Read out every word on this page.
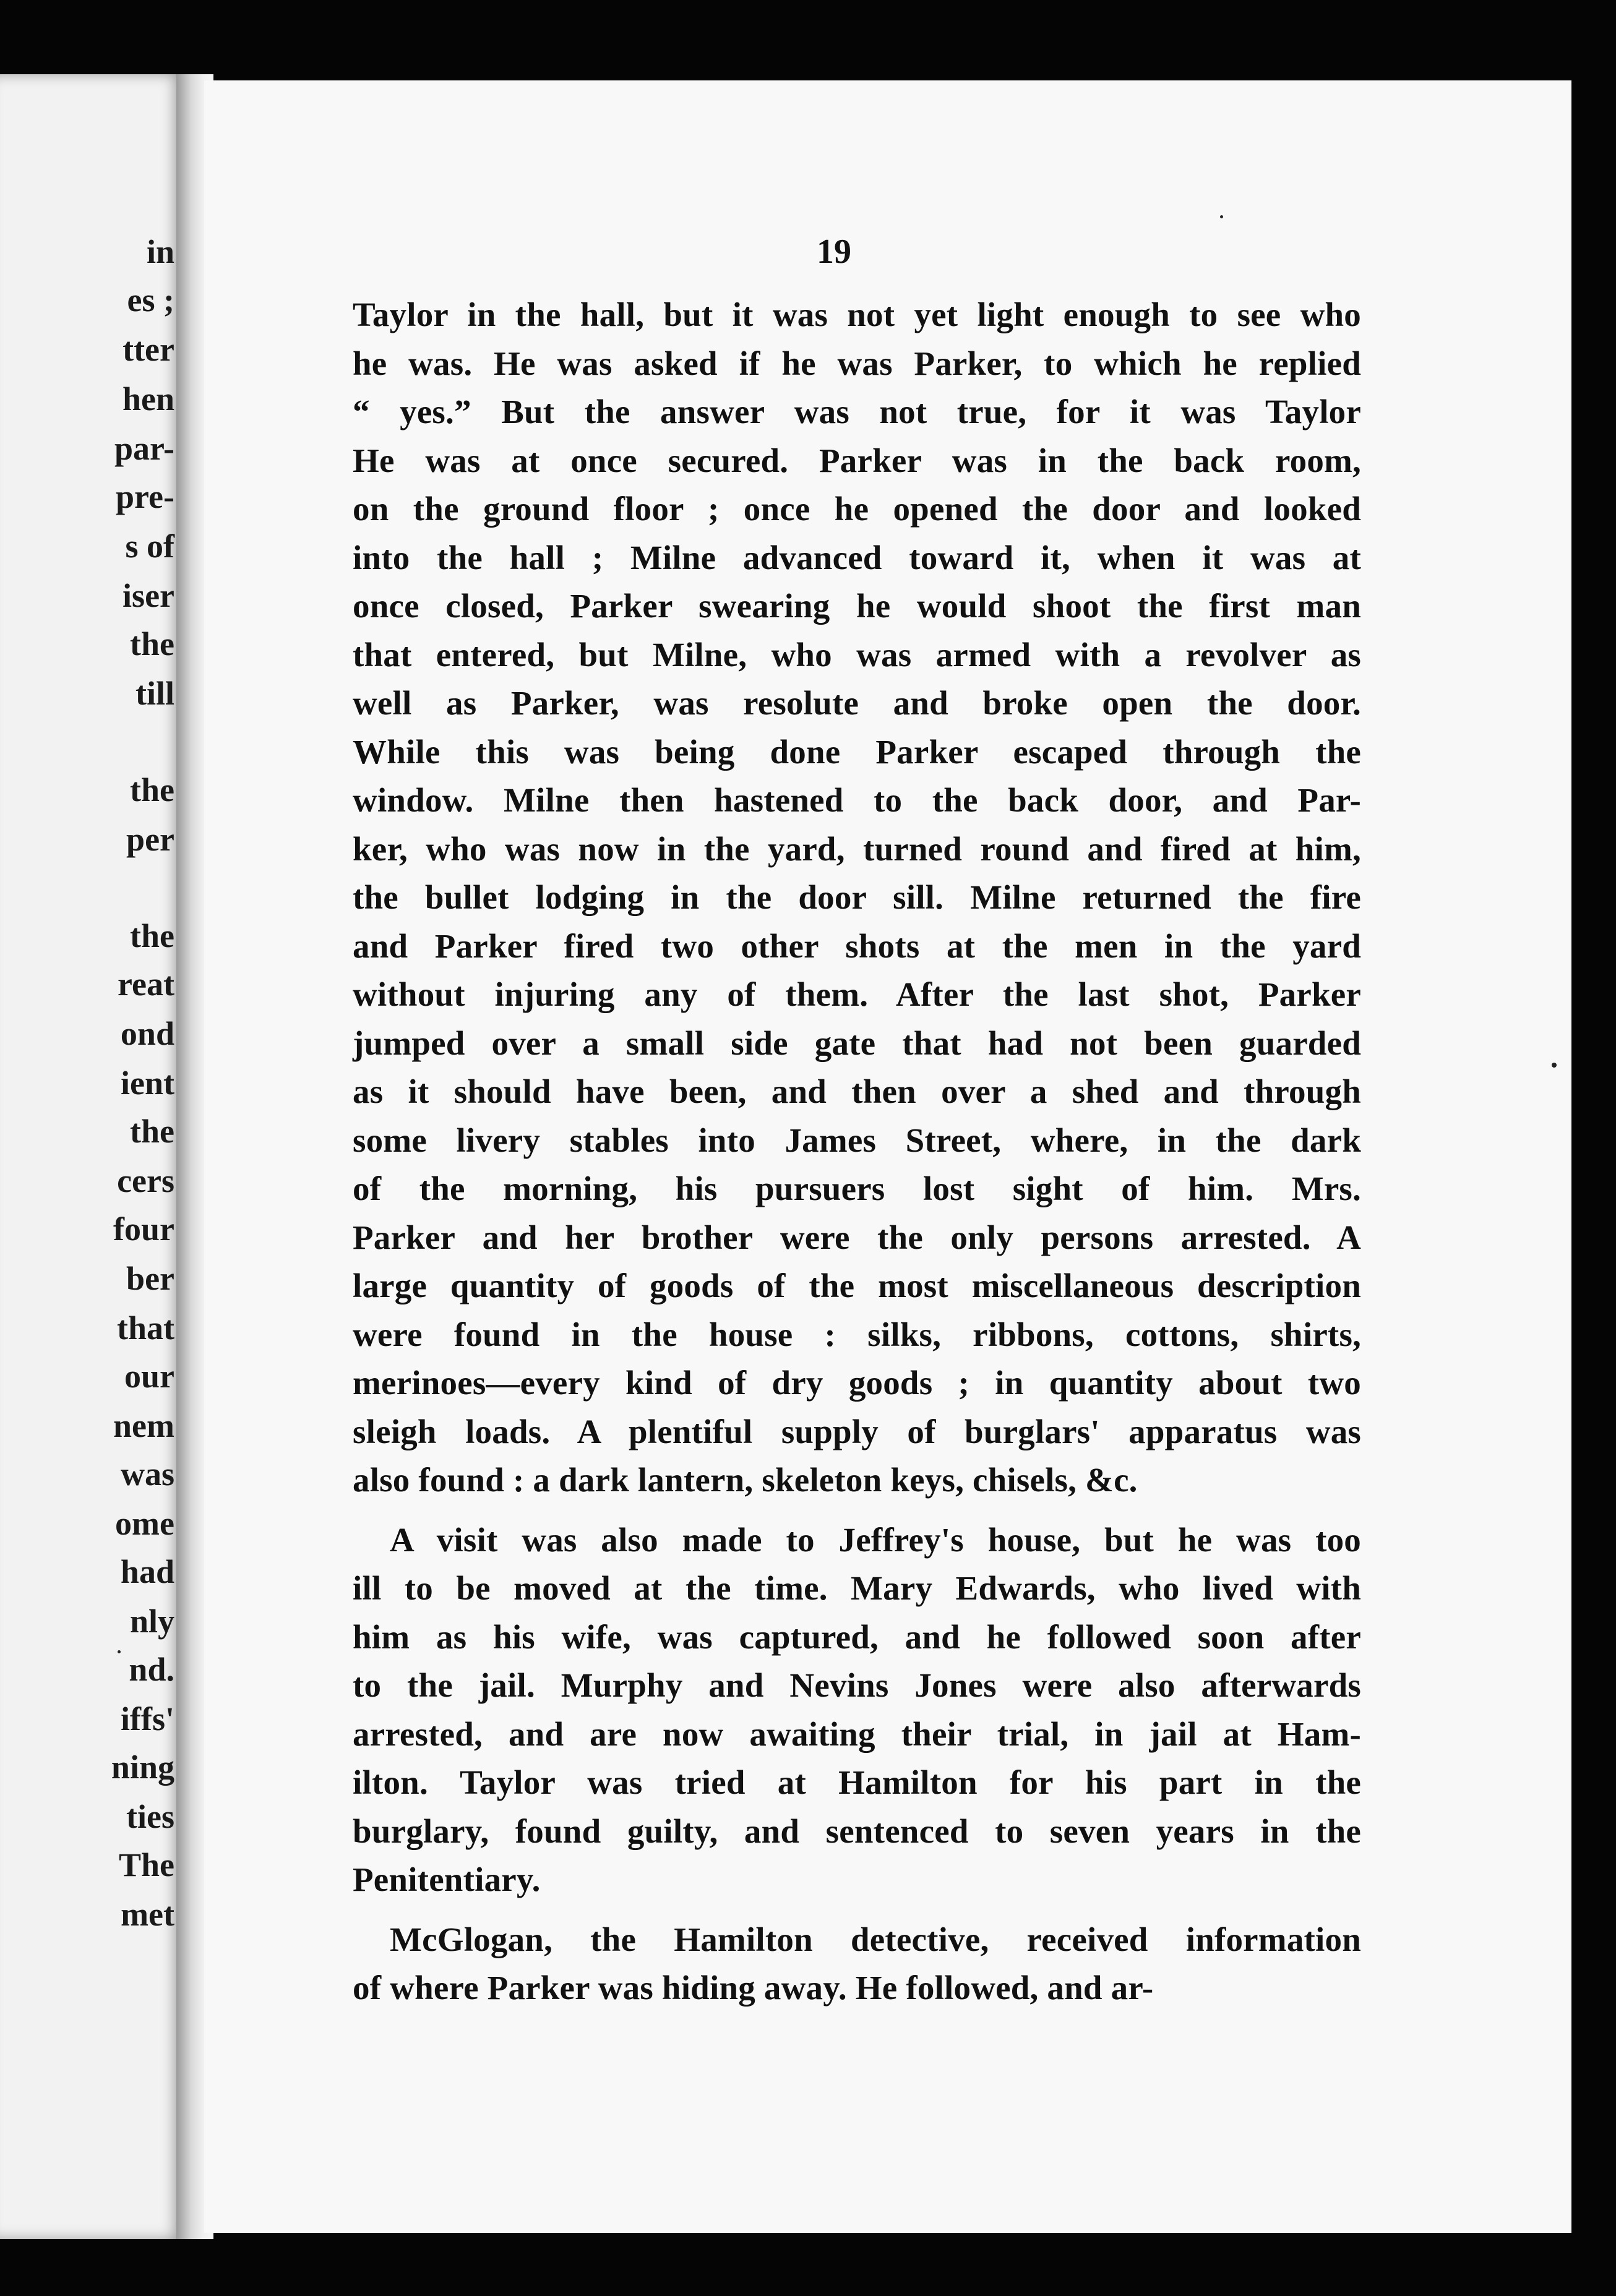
in
es ;
tter
hen
par-
pre-
s of
iser
the
till
the
per
the
reat
ond
ient
the
cers
four
ber
that
our
nem
was
ome
had
nly
nd.
iffs'
ning
ties
The
met
19
Taylor in the hall, but it was not yet light enough to see who
he was. He was asked if he was Parker, to which he replied
“ yes.” But the answer was not true, for it was Taylor
He was at once secured. Parker was in the back room,
on the ground floor ; once he opened the door and looked
into the hall ; Milne advanced toward it, when it was at
once closed, Parker swearing he would shoot the first man
that entered, but Milne, who was armed with a revolver as
well as Parker, was resolute and broke open the door.
While this was being done Parker escaped through the
window. Milne then hastened to the back door, and Par-
ker, who was now in the yard, turned round and fired at him,
the bullet lodging in the door sill. Milne returned the fire
and Parker fired two other shots at the men in the yard
without injuring any of them. After the last shot, Parker
jumped over a small side gate that had not been guarded
as it should have been, and then over a shed and through
some livery stables into James Street, where, in the dark
of the morning, his pursuers lost sight of him. Mrs.
Parker and her brother were the only persons arrested. A
large quantity of goods of the most miscellaneous description
were found in the house : silks, ribbons, cottons, shirts,
merinoes—every kind of dry goods ; in quantity about two
sleigh loads. A plentiful supply of burglars' apparatus was
also found : a dark lantern, skeleton keys, chisels, &c.
A visit was also made to Jeffrey's house, but he was too
ill to be moved at the time. Mary Edwards, who lived with
him as his wife, was captured, and he followed soon after
to the jail. Murphy and Nevins Jones were also afterwards
arrested, and are now awaiting their trial, in jail at Ham-
ilton. Taylor was tried at Hamilton for his part in the
burglary, found guilty, and sentenced to seven years in the
Penitentiary.
McGlogan, the Hamilton detective, received information
of where Parker was hiding away. He followed, and ar-
